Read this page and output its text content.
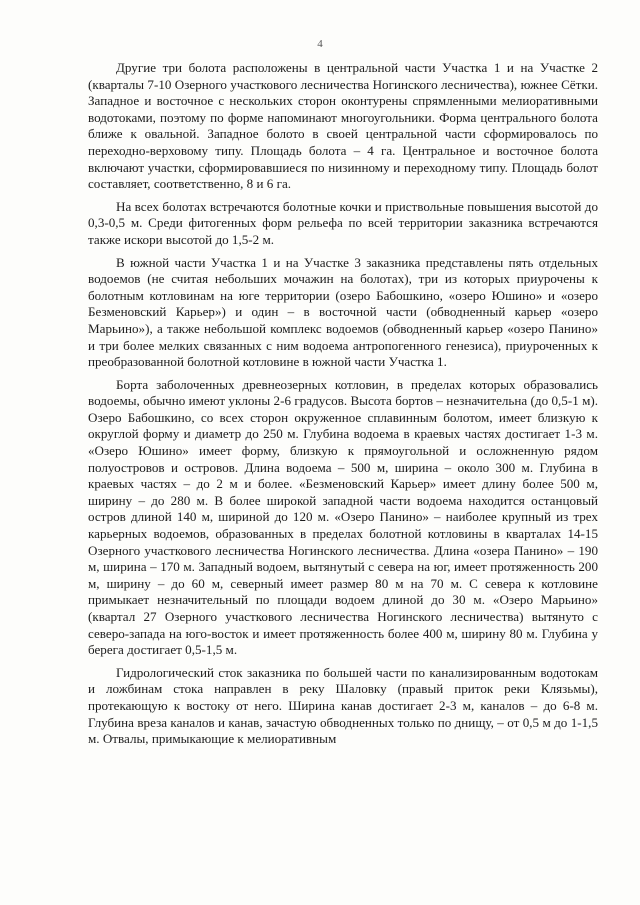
4

Другие три болота расположены в центральной части Участка 1 и на Участке 2 (кварталы 7-10 Озерного участкового лесничества Ногинского лесничества), южнее Сётки. Западное и восточное с нескольких сторон оконтурены спрямленными мелиоративными водотоками, поэтому по форме напоминают многоугольники. Форма центрального болота ближе к овальной. Западное болото в своей центральной части сформировалось по переходно-верховому типу. Площадь болота – 4 га. Центральное и восточное болота включают участки, сформировавшиеся по низинному и переходному типу. Площадь болот составляет, соответственно, 8 и 6 га.

На всех болотах встречаются болотные кочки и приствольные повышения высотой до 0,3-0,5 м. Среди фитогенных форм рельефа по всей территории заказника встречаются также искори высотой до 1,5-2 м.

В южной части Участка 1 и на Участке 3 заказника представлены пять отдельных водоемов (не считая небольших мочажин на болотах), три из которых приурочены к болотным котловинам на юге территории (озеро Бабошкино, «озеро Юшино» и «озеро Безменовский Карьер») и один – в восточной части (обводненный карьер «озеро Марьино»), а также небольшой комплекс водоемов (обводненный карьер «озеро Панино» и три более мелких связанных с ним водоема антропогенного генезиса), приуроченных к преобразованной болотной котловине в южной части Участка 1.

Борта заболоченных древнеозерных котловин, в пределах которых образовались водоемы, обычно имеют уклоны 2-6 градусов. Высота бортов – незначительна (до 0,5-1 м). Озеро Бабошкино, со всех сторон окруженное сплавинным болотом, имеет близкую к округлой форму и диаметр до 250 м. Глубина водоема в краевых частях достигает 1-3 м. «Озеро Юшино» имеет форму, близкую к прямоугольной и осложненную рядом полуостровов и островов. Длина водоема – 500 м, ширина – около 300 м. Глубина в краевых частях – до 2 м и более. «Безменовский Карьер» имеет длину более 500 м, ширину – до 280 м. В более широкой западной части водоема находится останцовый остров длиной 140 м, шириной до 120 м. «Озеро Панино» – наиболее крупный из трех карьерных водоемов, образованных в пределах болотной котловины в кварталах 14-15 Озерного участкового лесничества Ногинского лесничества. Длина «озера Панино» – 190 м, ширина – 170 м. Западный водоем, вытянутый с севера на юг, имеет протяженность 200 м, ширину – до 60 м, северный имеет размер 80 м на 70 м. С севера к котловине примыкает незначительный по площади водоем длиной до 30 м. «Озеро Марьино» (квартал 27 Озерного участкового лесничества Ногинского лесничества) вытянуто с северо-запада на юго-восток и имеет протяженность более 400 м, ширину 80 м. Глубина у берега достигает 0,5-1,5 м.

Гидрологический сток заказника по большей части по канализированным водотокам и ложбинам стока направлен в реку Шаловку (правый приток реки Клязьмы), протекающую к востоку от него. Ширина канав достигает 2-3 м, каналов – до 6-8 м. Глубина вреза каналов и канав, зачастую обводненных только по днищу, – от 0,5 м до 1-1,5 м. Отвалы, примыкающие к мелиоративным
